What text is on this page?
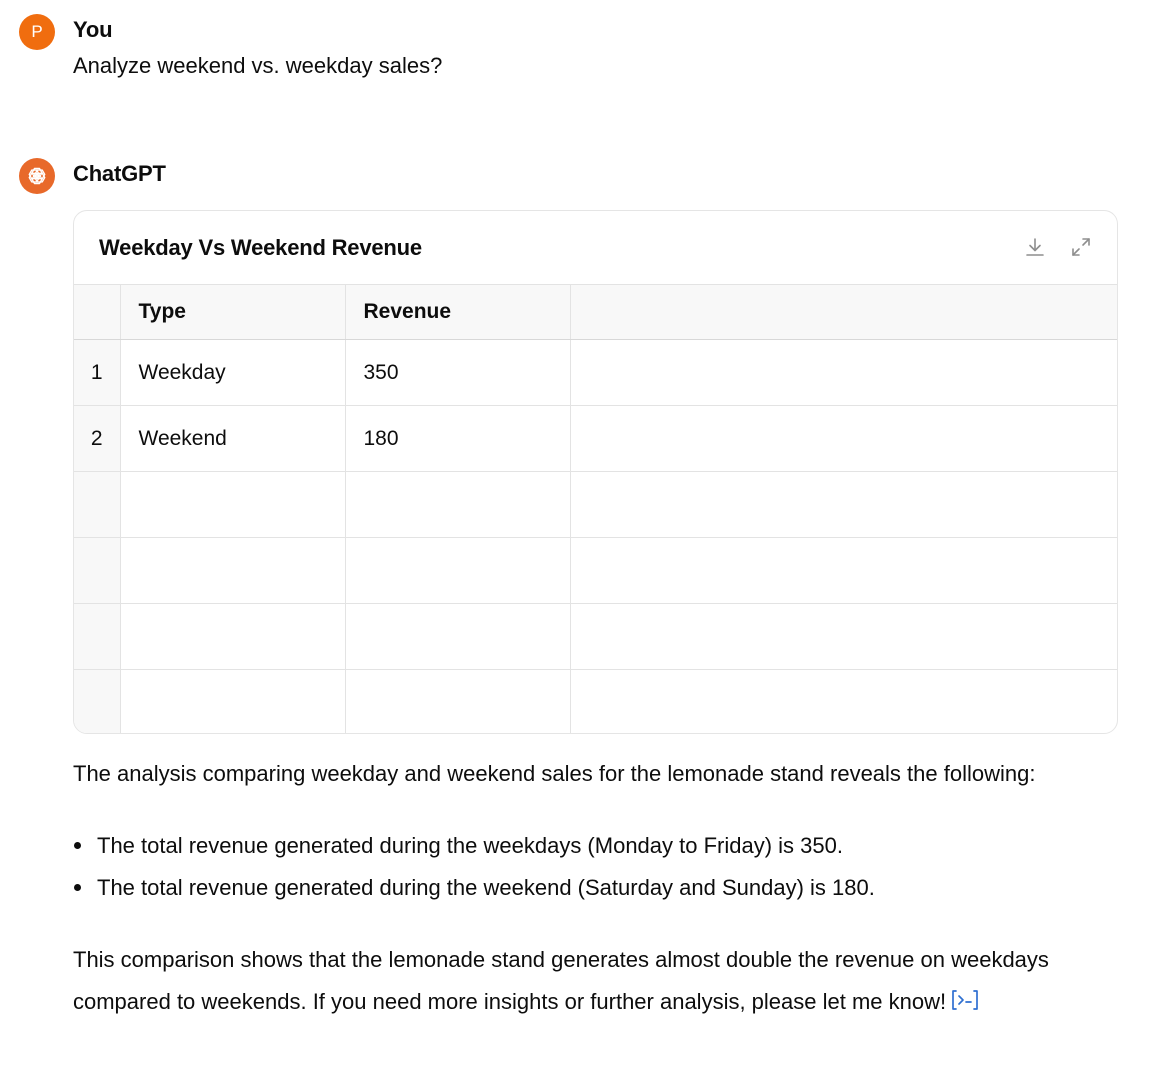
P You
Analyze weekend vs. weekday sales?
ChatGPT
Weekday Vs Weekend Revenue
	Type	Revenue	
1	Weekday	350	
2	Weekend	180	

The analysis comparing weekday and weekend sales for the lemonade stand reveals the following:
The total revenue generated during the weekdays (Monday to Friday) is 350.
The total revenue generated during the weekend (Saturday and Sunday) is 180.
This comparison shows that the lemonade stand generates almost double the revenue on weekdays compared to weekends. If you need more insights or further analysis, please let me know!
